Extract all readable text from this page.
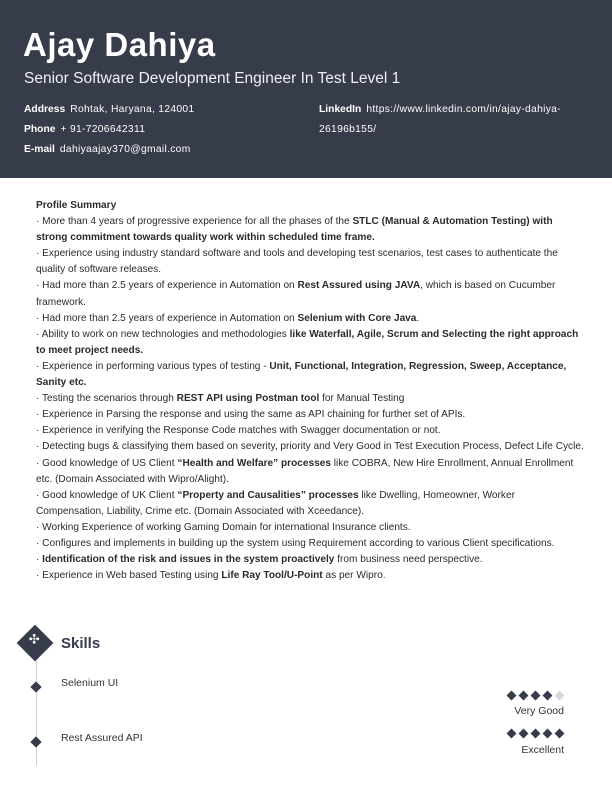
Ajay Dahiya
Senior Software Development Engineer In Test Level 1
Address Rohtak, Haryana, 124001
Phone + 91-7206642311
E-mail dahiyaajay370@gmail.com
LinkedIn https://www.linkedin.com/in/ajay-dahiya-
26196b155/
Profile Summary
· More than 4 years of progressive experience for all the phases of the STLC (Manual & Automation Testing) with strong commitment towards quality work within scheduled time frame.
· Experience using industry standard software and tools and developing test scenarios, test cases to authenticate the quality of software releases.
· Had more than 2.5 years of experience in Automation on Rest Assured using JAVA, which is based on Cucumber framework.
· Had more than 2.5 years of experience in Automation on Selenium with Core Java.
· Ability to work on new technologies and methodologies like Waterfall, Agile, Scrum and Selecting the right approach to meet project needs.
· Experience in performing various types of testing - Unit, Functional, Integration, Regression, Sweep, Acceptance, Sanity etc.
· Testing the scenarios through REST API using Postman tool for Manual Testing
· Experience in Parsing the response and using the same as API chaining for further set of APIs.
· Experience in verifying the Response Code matches with Swagger documentation or not.
· Detecting bugs & classifying them based on severity, priority and Very Good in Test Execution Process, Defect Life Cycle.
· Good knowledge of US Client “Health and Welfare” processes like COBRA, New Hire Enrollment, Annual Enrollment etc. (Domain Associated with Wipro/Alight).
· Good knowledge of UK Client “Property and Causalities” processes like Dwelling, Homeowner, Worker Compensation, Liability, Crime etc. (Domain Associated with Xceedance).
· Working Experience of working Gaming Domain for international Insurance clients.
· Configures and implements in building up the system using Requirement according to various Client specifications.
· Identification of the risk and issues in the system proactively from business need perspective.
· Experience in Web based Testing using Life Ray Tool/U-Point as per Wipro.
✣ Skills
Selenium UI
Very Good
Rest Assured API
Excellent
